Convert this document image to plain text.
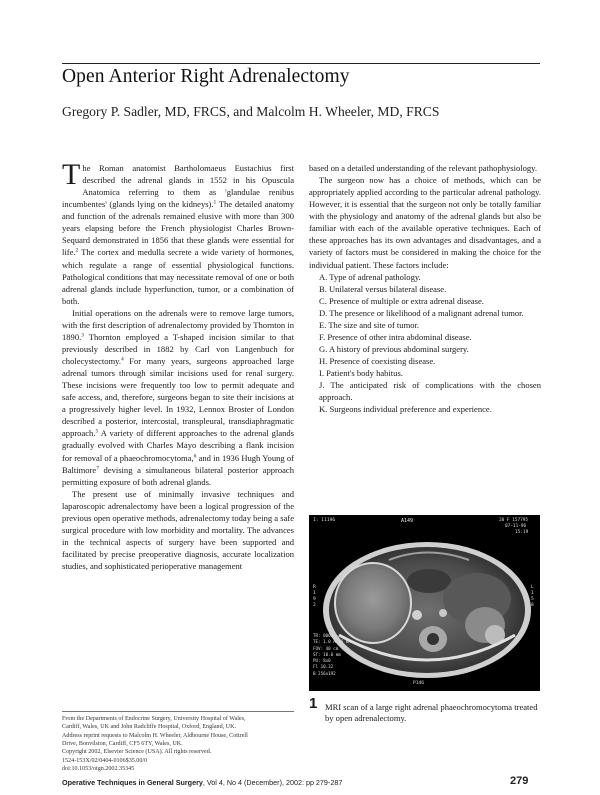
Open Anterior Right Adrenalectomy
Gregory P. Sadler, MD, FRCS, and Malcolm H. Wheeler, MD, FRCS

The Roman anatomist Bartholomaeus Eustachius first described the adrenal glands in 1552 in his Opuscula Anatomica referring to them as 'glandulae renibus incumbentes' (glands lying on the kidneys).$^1$ The detailed anatomy and function of the adrenals remained elusive with more than 300 years elapsing before the French physiologist Charles Brown-Sequard demonstrated in 1856 that these glands were essential for life.$^2$ The cortex and medulla secrete a wide variety of hormones, which regulate a range of essential physiological functions. Pathological conditions that may necessitate removal of one or both adrenal glands include hyperfunction, tumor, or a combination of both.

Initial operations on the adrenals were to remove large tumors, with the first description of adrenalectomy provided by Thornton in 1890.$^3$ Thornton employed a T-shaped incision similar to that previously described in 1882 by Carl von Langenbuch for cholecystectomy.$^4$ For many years, surgeons approached large adrenal tumors through similar incisions used for renal surgery. These incisions were frequently too low to permit adequate and safe access, and, therefore, surgeons began to site their incisions at a progressively higher level. In 1932, Lennox Broster of London described a posterior, intercostal, transpleural, transdiaphragmatic approach.$^5$ A variety of different approaches to the adrenal glands gradually evolved with Charles Mayo describing a flank incision for removal of a phaeochromocytoma,$^6$ and in 1936 Hugh Young of Baltimore$^7$ devising a simultaneous bilateral posterior approach permitting exposure of both adrenal glands.

The present use of minimally invasive techniques and laparoscopic adrenalectomy have been a logical progression of the previous open operative methods, adrenalectomy today being a safe surgical procedure with low morbidity and mortality. The advances in the technical aspects of surgery have been supported and facilitated by precise preoperative diagnosis, accurate localization studies, and sophisticated perioperative management

based on a detailed understanding of the relevant pathophysiology.

The surgeon now has a choice of methods, which can be appropriately applied according to the particular adrenal pathology. However, it is essential that the surgeon not only be totally familiar with the physiology and anatomy of the adrenal glands but also be familiar with each of the available operative techniques. Each of these approaches has its own advantages and disadvantages, and a variety of factors must be considered in making the choice for the individual patient. These factors include:

A. Type of adrenal pathology.

B. Unilateral versus bilateral disease.

C. Presence of multiple or extra adrenal disease.

D. The presence or likelihood of a malignant adrenal tumor.

E. The size and site of tumor.

F. Presence of other intra abdominal disease.

G. A history of previous abdominal surgery.

H. Presence of coexisting disease.

I. Patient's body habitus.

J. The anticipated risk of complications with the chosen approach.

K. Surgeons individual preference and experience.

I: 11196	A149	20 F 157795
07-11-96
15:19
R 1 9 2
L 1 5 8
TR: 0060
TE: 1.0 A 16 kHz
FOV: 40 cm
ST: 10.0 mm
PU: 8x0
Fl 10.32
B 256x192
P146
1 MRI scan of a large right adrenal phaeochromocytoma treated by open adrenalectomy.
From the Departments of Endocrine Surgery, University Hospital of Wales,
Cardiff, Wales, UK and John Radcliffe Hospital, Oxford, England, UK.
Address reprint requests to Malcolm H. Wheeler, Aldbourne House, Cottrell
Drive, Bonvilston, Cardiff, CF5 6TY, Wales, UK.
Copyright 2002, Elsevier Science (USA). All rights reserved.
1524-153X/02/0404-0106$35.00/0
doi:10.1053/otgn.2002.35345
Operative Techniques in General Surgery, Vol 4, No 4 (December), 2002: pp 279-287	279
